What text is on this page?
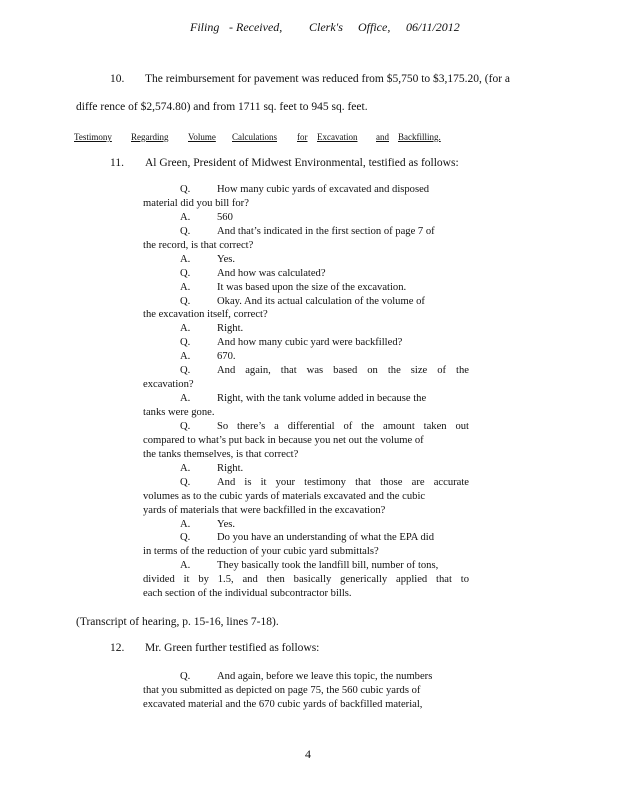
Filing - Received, Clerk's Office, 06/11/2012
10. The reimbursement for pavement was reduced from $5,750 to $3,175.20, (for a
diffe rence of $2,574.80) and from 1711 sq. feet to 945 sq. feet.
Testimony Regarding Volume Calculations for Excavation and Backfilling.
11. Al Green, President of Midwest Environmental, testified as follows:
Q.	How many cubic yards of excavated and disposed
material did you bill for?
A.	560
Q.	And that’s indicated in the first section of page 7 of
the record, is that correct?
A.	Yes.
Q.	And how was calculated?
A.	It was based upon the size of the excavation.
Q.	Okay. And its actual calculation of the volume of
the excavation itself, correct?
A.	Right.
Q.	And how many cubic yard were backfilled?
A.	670.
Q.	And again, that was based on the size of the
excavation?
A.	Right, with the tank volume added in because the
tanks were gone.
Q.	So there’s a differential of the amount taken out
compared to what’s put back in because you net out the volume of
the tanks themselves, is that correct?
A.	Right.
Q.	And is it your testimony that those are accurate
volumes as to the cubic yards of materials excavated and the cubic
yards of materials that were backfilled in the excavation?
A.	Yes.
Q.	Do you have an understanding of what the EPA did
in terms of the reduction of your cubic yard submittals?
A.	They basically took the landfill bill, number of tons,
divided it by 1.5, and then basically generically applied that to
each section of the individual subcontractor bills.
(Transcript of hearing, p. 15-16, lines 7-18).
12. Mr. Green further testified as follows:
Q.	And again, before we leave this topic, the numbers
that you submitted as depicted on page 75, the 560 cubic yards of
excavated material and the 670 cubic yards of backfilled material,
4
